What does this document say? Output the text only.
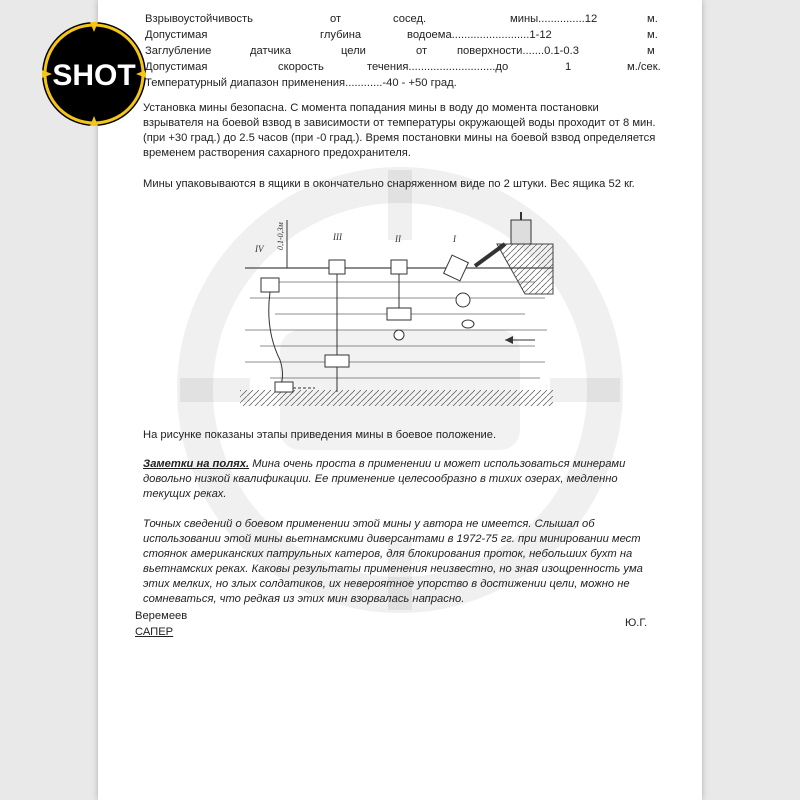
SHOT
Взрывоустойчивость	от	сосед.	мины...............12	м.
Допустимая	глубина	водоема.........................1-12	м.
Заглубление	датчика	цели	от	поверхности.......0.1-0.3	м
Допустимая	скорость	течения............................до	1	м./сек.
Температурный диапазон применения............-40 - +50 град.
Установка мины безопасна. С момента попадания мины в воду до момента постановки взрывателя на боевой взвод в зависимости от температуры окружающей воды проходит от 8 мин. (при +30 град.) до 2.5 часов (при -0 град.). Время постановки мины на боевой взвод определяется временем растворения сахарного предохранителя.
Мины упаковываются в ящики в окончательно снаряженном виде по 2 штуки. Вес ящика 52 кг.
0,1-0,3м
IV
III	II	I
На рисунке показаны этапы приведения мины в боевое положение.
Заметки на полях. Мина очень проста в применении и может использоваться минерами довольно низкой квалификации. Ее применение целесообразно в тихих озерах, медленно текущих реках.
Точных сведений о боевом применении этой мины у автора не имеется. Слышал об использовании этой мины вьетнамскими диверсантами в 1972-75 гг. при минировании мест стоянок американских патрульных катеров, для блокирования проток, небольших бухт на вьетнамских реках. Каковы результаты применения неизвестно, но зная изощренность ума этих мелких, но злых солдатиков, их невероятное упорство в достижении цели, можно не сомневаться, что редкая из этих мин взорвалась напрасно.
Веремеев
САПЕР
Ю.Г.
